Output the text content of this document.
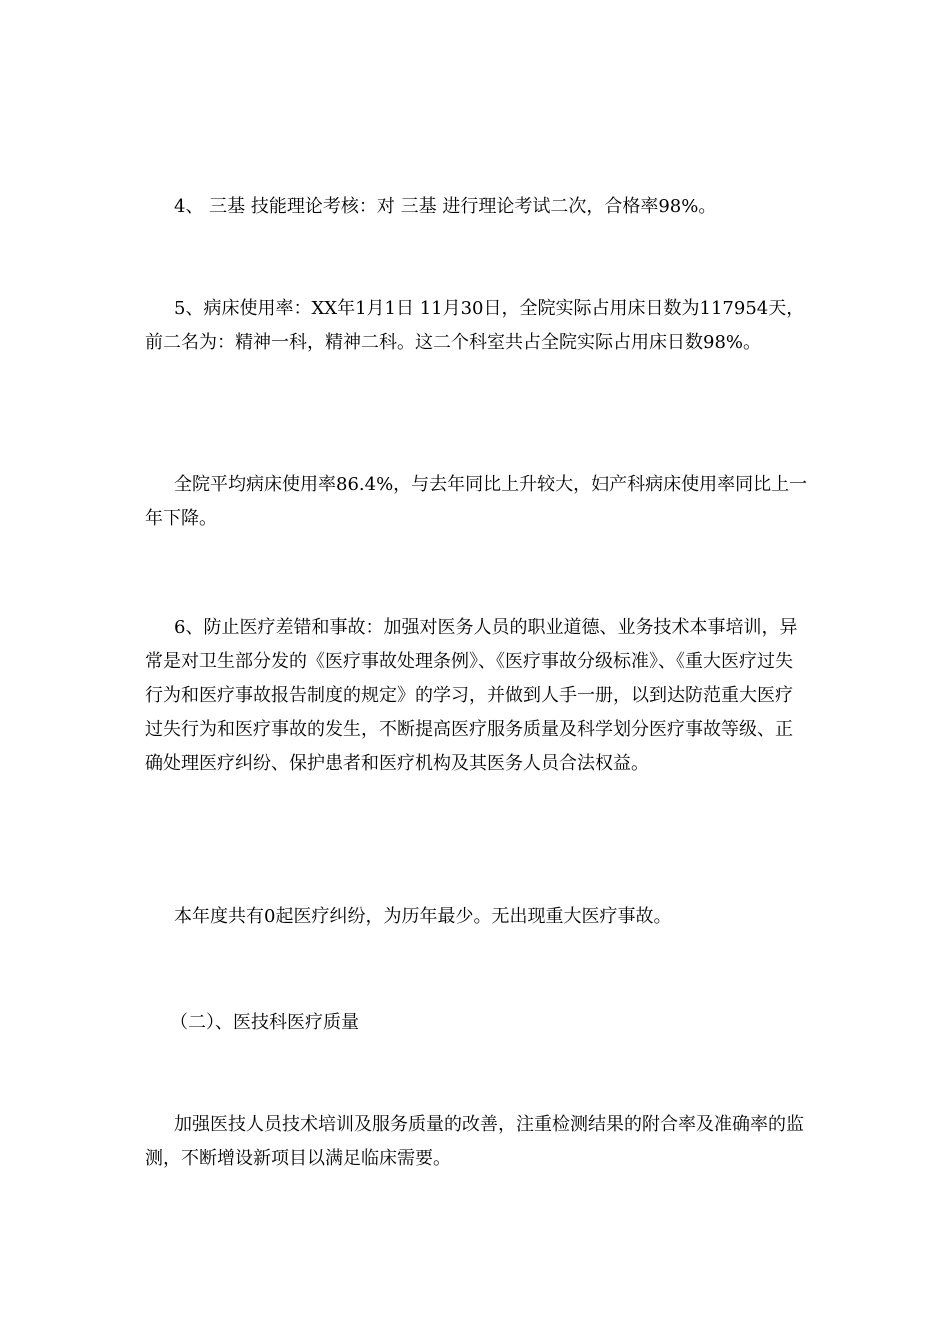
4、 三基 技能理论考核：对 三基 进行理论考试二次，合格率98%。

5、病床使用率：XX年1月1日 11月30日，全院实际占用床日数为117954天，前二名为：精神一科，精神二科。这二个科室共占全院实际占用床日数98%。

全院平均病床使用率86.4%，与去年同比上升较大，妇产科病床使用率同比上一年下降。

6、防止医疗差错和事故：加强对医务人员的职业道德、业务技术本事培训，异常是对卫生部分发的《医疗事故处理条例》、《医疗事故分级标准》、《重大医疗过失行为和医疗事故报告制度的规定》的学习，并做到人手一册，以到达防范重大医疗过失行为和医疗事故的发生，不断提高医疗服务质量及科学划分医疗事故等级、正确处理医疗纠纷、保护患者和医疗机构及其医务人员合法权益。

本年度共有0起医疗纠纷，为历年最少。无出现重大医疗事故。

（二）、医技科医疗质量

加强医技人员技术培训及服务质量的改善，注重检测结果的附合率及准确率的监测，不断增设新项目以满足临床需要。
